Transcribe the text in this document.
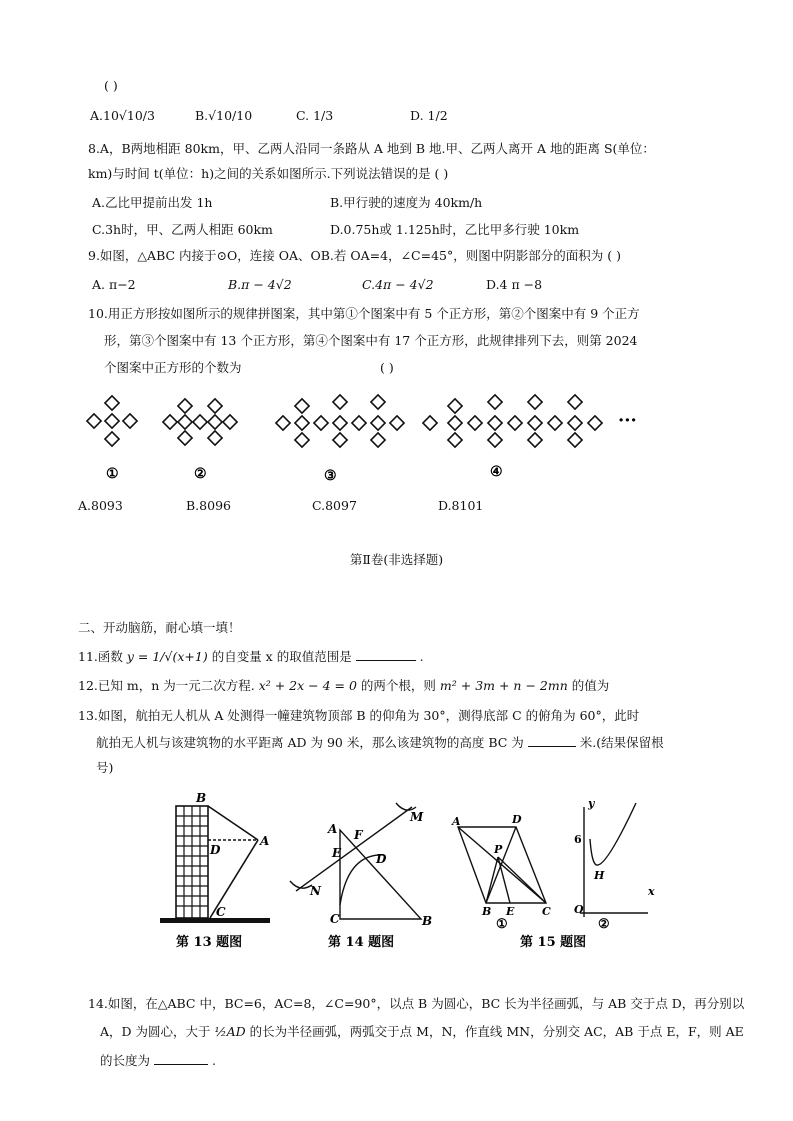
( )
A.10√10/3	B.√10/10	C. 1/3	D. 1/2
8.A，B两地相距 80km，甲、乙两人沿同一条路从 A 地到 B 地.甲、乙两人离开 A 地的距离 S(单位：
km)与时间 t(单位：h)之间的关系如图所示.下列说法错误的是 ( )
A.乙比甲提前出发 1h	B.甲行驶的速度为 40km/h
C.3h时，甲、乙两人相距 60km	D.0.75h或 1.125h时，乙比甲多行驶 10km
9.如图，△ABC 内接于⊙O，连接 OA、OB.若 OA=4，∠C=45°，则图中阴影部分的面积为 ( )
A. π−2	B.π − 4√2	C.4π − 4√2	D.4 π −8
10.用正方形按如图所示的规律拼图案，其中第①个图案中有 5 个正方形，第②个图案中有 9 个正方
形，第③个图案中有 13 个正方形，第④个图案中有 17 个正方形，此规律排列下去，则第 2024
个图案中正方形的个数为	( )
···
①	②	③	④
A.8093	B.8096	C.8097	D.8101
第Ⅱ卷(非选择题)
二、开动脑筋，耐心填一填！
11.函数 y = 1/√(x+1) 的自变量 x 的取值范围是	.
12.已知 m，n 为一元二次方程. x² + 2x − 4 = 0 的两个根，则 m² + 3m + n − 2mn 的值为
13.如图，航拍无人机从 A 处测得一幢建筑物顶部 B 的仰角为 30°，测得底部 C 的俯角为 60°，此时
航拍无人机与该建筑物的水平距离 AD 为 90 米，那么该建筑物的高度 BC 为	米.(结果保留根
号)
B
D
A
C
第 13 题图
M
A F
E	D
N
C	B
第 14 题图
A	D
P
B E	C
①
y
6
H
O
x
②
第 15 题图
14.如图，在△ABC 中，BC=6，AC=8，∠C=90°，以点 B 为圆心，BC 长为半径画弧，与 AB 交于点 D，再分别以
A，D 为圆心，大于 ½AD 的长为半径画弧，两弧交于点 M，N，作直线 MN，分别交 AC，AB 于点 E，F，则 AE
的长度为	.
